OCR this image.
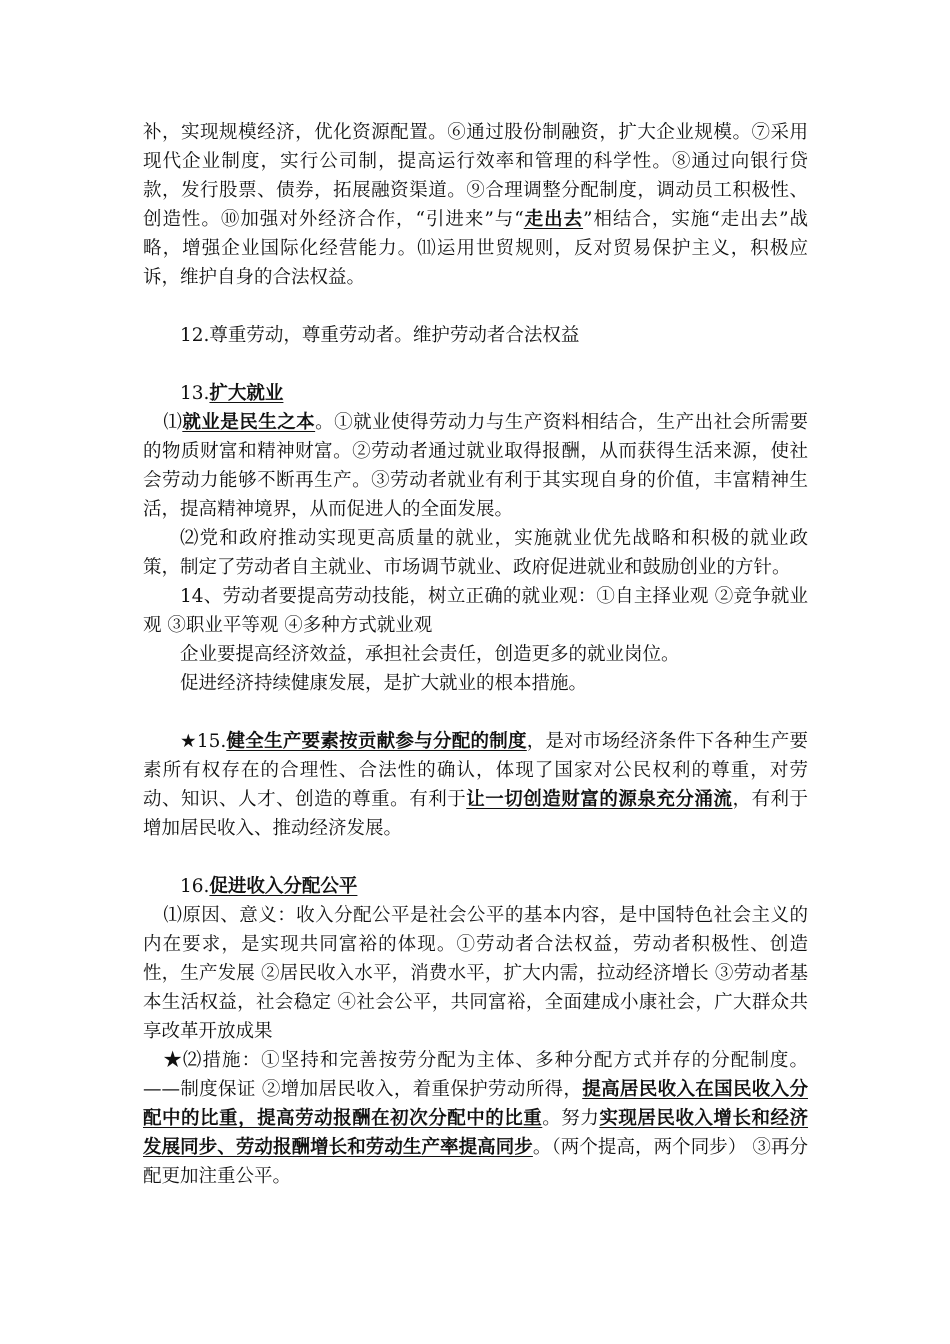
补，实现规模经济，优化资源配置。⑥通过股份制融资，扩大企业规模。⑦采用现代企业制度，实行公司制，提高运行效率和管理的科学性。⑧通过向银行贷款，发行股票、债券，拓展融资渠道。⑨合理调整分配制度，调动员工积极性、创造性。⑩加强对外经济合作，“引进来”与“走出去”相结合，实施“走出去”战略，增强企业国际化经营能力。⑾运用世贸规则，反对贸易保护主义，积极应诉，维护自身的合法权益。

12.尊重劳动，尊重劳动者。维护劳动者合法权益

13.扩大就业

⑴就业是民生之本。①就业使得劳动力与生产资料相结合，生产出社会所需要的物质财富和精神财富。②劳动者通过就业取得报酬，从而获得生活来源，使社会劳动力能够不断再生产。③劳动者就业有利于其实现自身的价值，丰富精神生活，提高精神境界，从而促进人的全面发展。

⑵党和政府推动实现更高质量的就业，实施就业优先战略和积极的就业政策，制定了劳动者自主就业、市场调节就业、政府促进就业和鼓励创业的方针。

14、劳动者要提高劳动技能，树立正确的就业观：①自主择业观 ②竞争就业观 ③职业平等观 ④多种方式就业观

企业要提高经济效益，承担社会责任，创造更多的就业岗位。

促进经济持续健康发展，是扩大就业的根本措施。

★15.健全生产要素按贡献参与分配的制度，是对市场经济条件下各种生产要素所有权存在的合理性、合法性的确认，体现了国家对公民权利的尊重，对劳动、知识、人才、创造的尊重。有利于让一切创造财富的源泉充分涌流，有利于增加居民收入、推动经济发展。

16.促进收入分配公平

⑴原因、意义：收入分配公平是社会公平的基本内容，是中国特色社会主义的内在要求，是实现共同富裕的体现。①劳动者合法权益，劳动者积极性、创造性，生产发展 ②居民收入水平，消费水平，扩大内需，拉动经济增长 ③劳动者基本生活权益，社会稳定 ④社会公平，共同富裕，全面建成小康社会，广大群众共享改革开放成果

★⑵措施：①坚持和完善按劳分配为主体、多种分配方式并存的分配制度。——制度保证 ②增加居民收入，着重保护劳动所得，提高居民收入在国民收入分配中的比重，提高劳动报酬在初次分配中的比重。努力实现居民收入增长和经济发展同步、劳动报酬增长和劳动生产率提高同步。（两个提高，两个同步） ③再分配更加注重公平。
